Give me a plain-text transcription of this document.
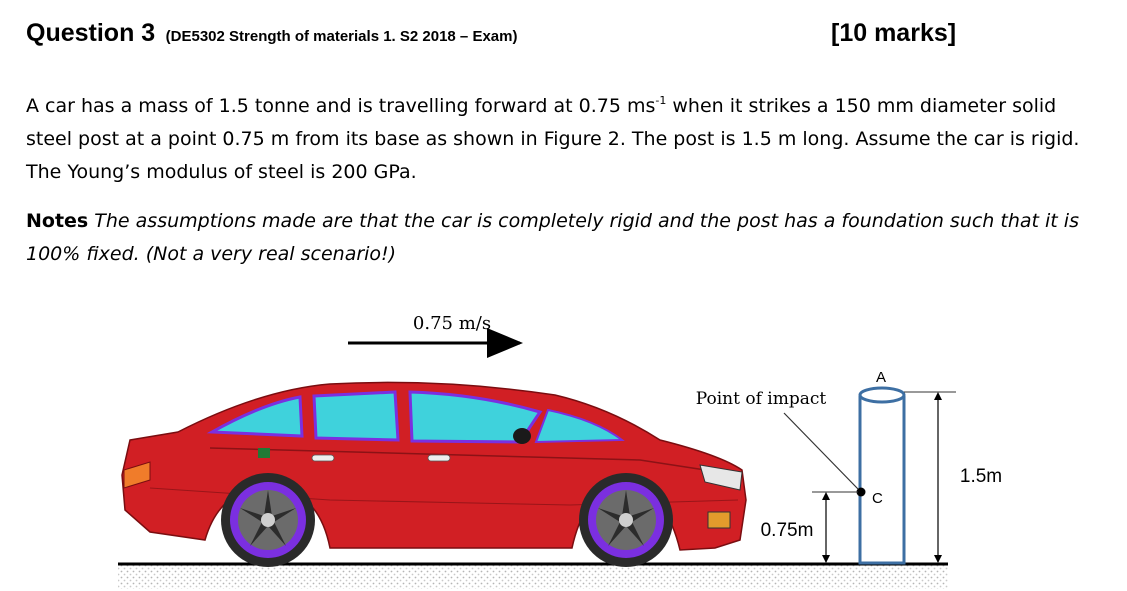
Question 3 (DE5302 Strength of materials 1. S2 2018 – Exam)	[10 marks]
A car has a mass of 1.5 tonne and is travelling forward at 0.75 $ms^{-1}$ when it strikes a 150 mm diameter solid steel post at a point 0.75 m from its base as shown in Figure 2. The post is 1.5 m long. Assume the car is rigid. The Young’s modulus of steel is 200 GPa.
Notes The assumptions made are that the car is completely rigid and the post has a foundation such that it is 100% fixed. (Not a very real scenario!)
0.75 m/s
A
Point of impact
C
0.75m
1.5m
